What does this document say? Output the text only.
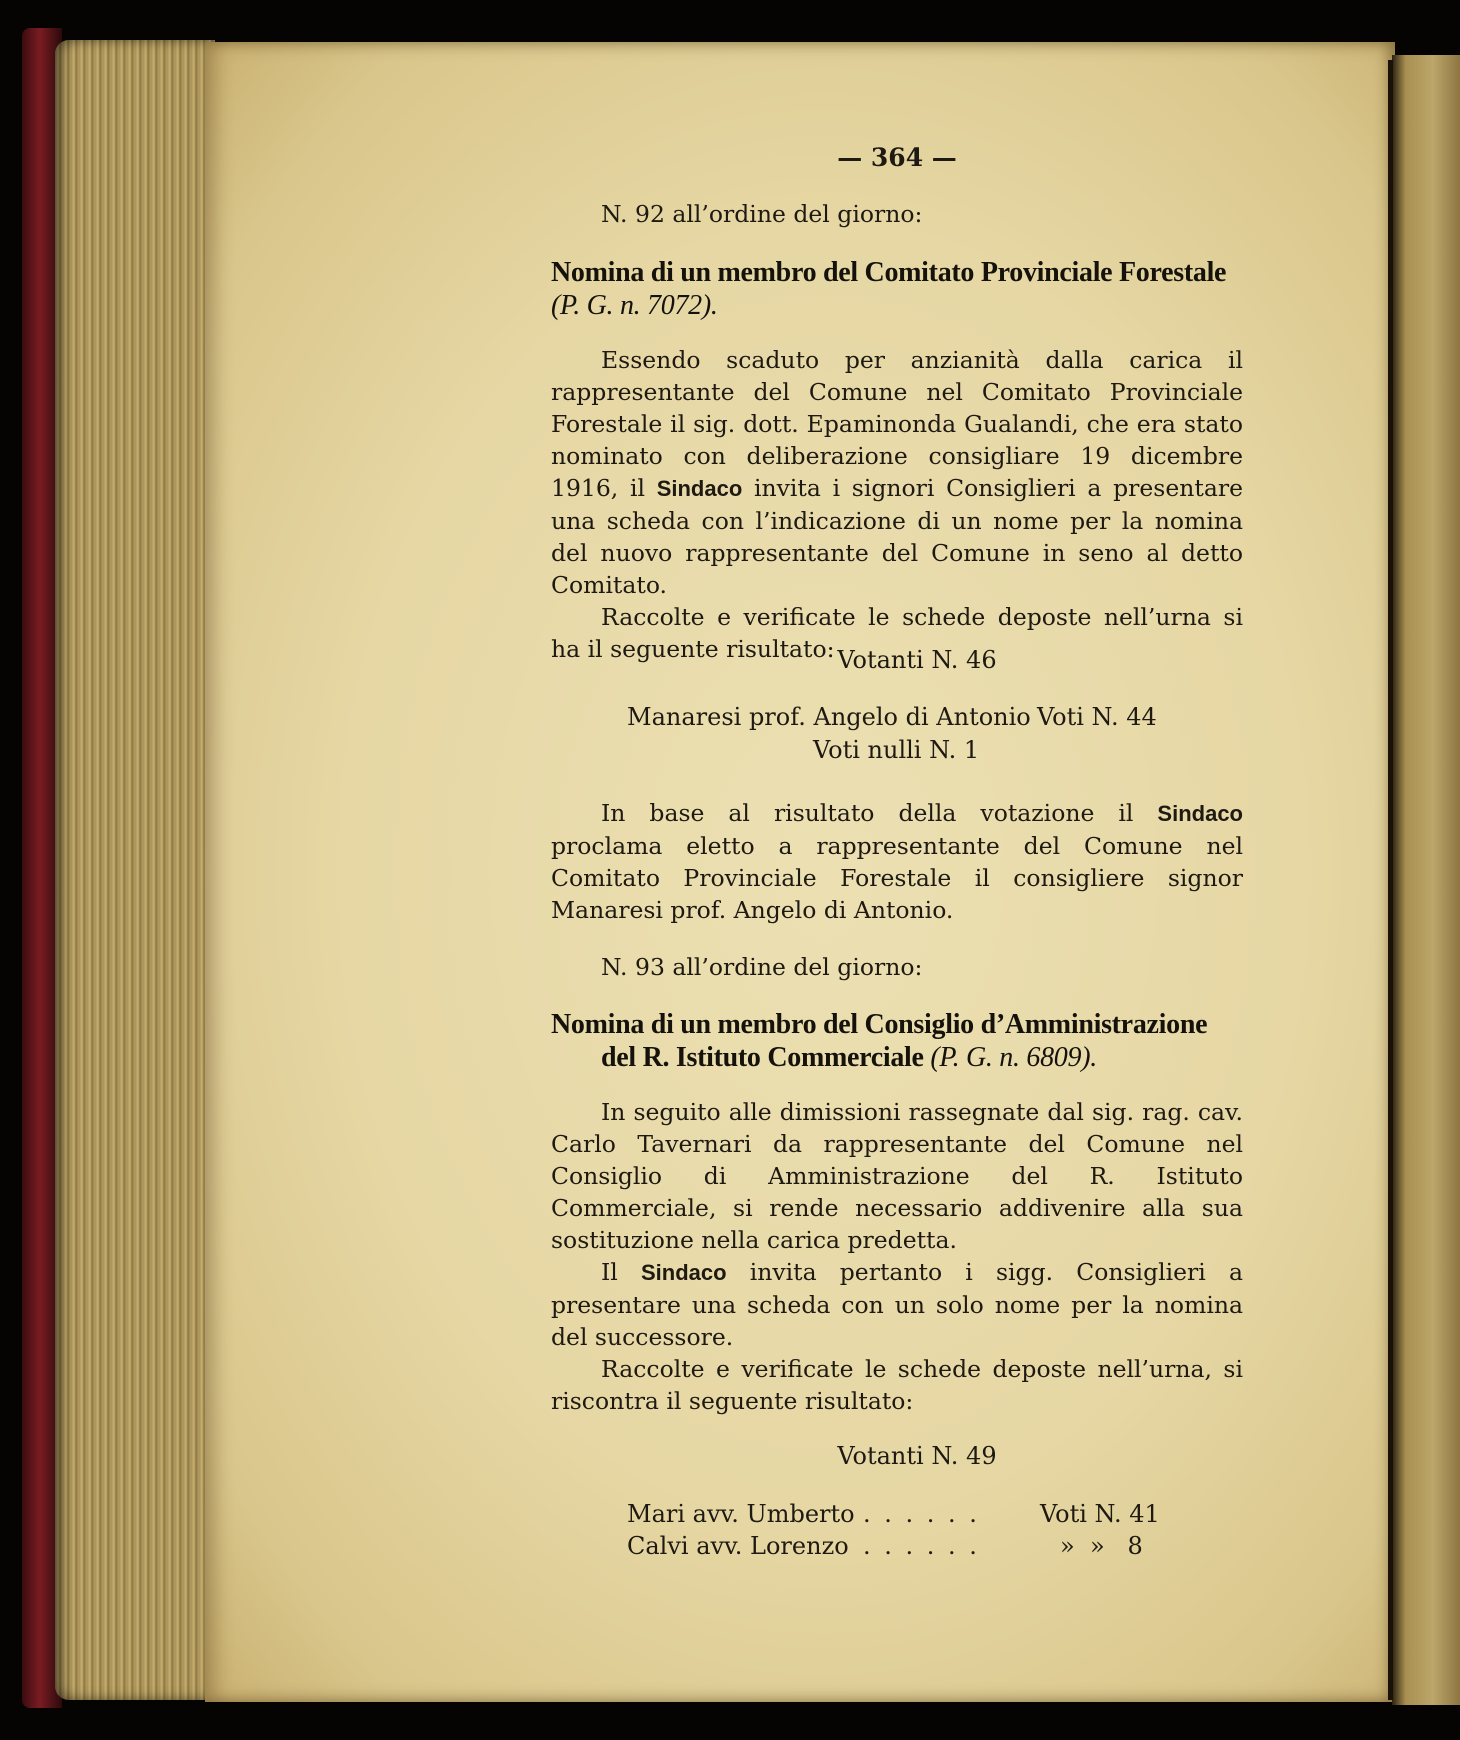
— 364 —
N. 92 all’ordine del giorno:
Nomina di un membro del Comitato Provinciale Forestale (P. G. n. 7072).

Essendo scaduto per anzianità dalla carica il rappresentante del Comune nel Comitato Provinciale Forestale il sig. dott. Epaminonda Gualandi, che era stato nominato con deliberazione consigliare 19 dicembre 1916, il Sindaco invita i signori Consiglieri a presentare una scheda con l’indicazione di un nome per la nomina del nuovo rappresentante del Comune in seno al detto Comitato.

Raccolte e verificate le schede deposte nell’urna si ha il seguente risultato: Votanti N. 46
Manaresi prof. Angelo di Antonio Voti N. 44
Voti nulli N. 1

In base al risultato della votazione il Sindaco proclama eletto a rappresentante del Comune nel Comitato Provinciale Forestale il consigliere signor Manaresi prof. Angelo di Antonio.

N. 93 all’ordine del giorno:
Nomina di un membro del Consiglio d’Amministrazione
del R. Istituto Commerciale (P. G. n. 6809).

In seguito alle dimissioni rassegnate dal sig. rag. cav. Carlo Tavernari da rappresentante del Comune nel Consiglio di Amministrazione del R. Istituto Commerciale, si rende necessario addivenire alla sua sostituzione nella carica predetta.

Il Sindaco invita pertanto i sigg. Consiglieri a presentare una scheda con un solo nome per la nomina del successore.

Raccolte e verificate le schede deposte nell’urna, si riscontra il seguente risultato:

Votanti N. 49
Mari avv. Umberto . . . . . .	Voti N. 41
Calvi avv. Lorenzo . . . . . .	»  »   8
